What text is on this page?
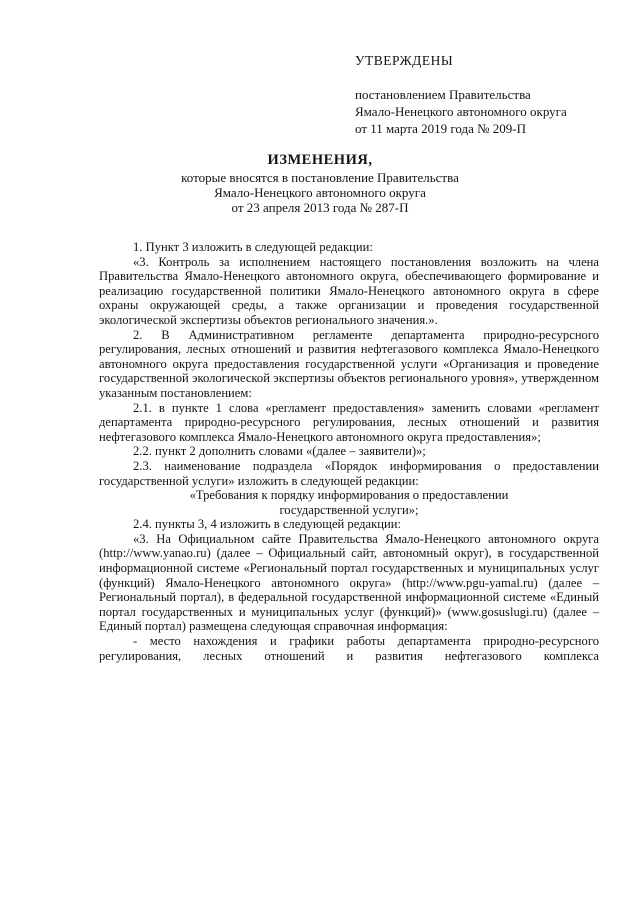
УТВЕРЖДЕНЫ
постановлением Правительства
Ямало-Ненецкого автономного округа
от 11 марта 2019 года № 209-П
ИЗМЕНЕНИЯ,
которые вносятся в постановление Правительства
Ямало-Ненецкого автономного округа
от 23 апреля 2013 года № 287-П

1. Пункт 3 изложить в следующей редакции:

«3. Контроль за исполнением настоящего постановления возложить на члена Правительства Ямало-Ненецкого автономного округа, обеспечивающего формирование и реализацию государственной политики Ямало-Ненецкого автономного округа в сфере охраны окружающей среды, а также организации и проведения государственной экологической экспертизы объектов регионального значения.».

2. В Административном регламенте департамента природно-ресурсного регулирования, лесных отношений и развития нефтегазового комплекса Ямало-Ненецкого автономного округа предоставления государственной услуги «Организация и проведение государственной экологической экспертизы объектов регионального уровня», утвержденном указанным постановлением:

2.1. в пункте 1 слова «регламент предоставления» заменить словами «регламент департамента природно-ресурсного регулирования, лесных отношений и развития нефтегазового комплекса Ямало-Ненецкого автономного округа предоставления»;

2.2. пункт 2 дополнить словами «(далее – заявители)»;

2.3. наименование подраздела «Порядок информирования о предоставлении государственной услуги» изложить в следующей редакции:

«Требования к порядку информирования о предоставлении государственной услуги»;

2.4. пункты 3, 4 изложить в следующей редакции:

«3. На Официальном сайте Правительства Ямало-Ненецкого автономного округа (http://www.yanao.ru) (далее – Официальный сайт, автономный округ), в государственной информационной системе «Региональный портал государственных и муниципальных услуг (функций) Ямало-Ненецкого автономного округа» (http://www.pgu-yamal.ru) (далее – Региональный портал), в федеральной государственной информационной системе «Единый портал государственных и муниципальных услуг (функций)» (www.gosuslugi.ru) (далее – Единый портал) размещена следующая справочная информация:

- место нахождения и графики работы департамента природно-ресурсного регулирования, лесных отношений и развития нефтегазового комплекса
